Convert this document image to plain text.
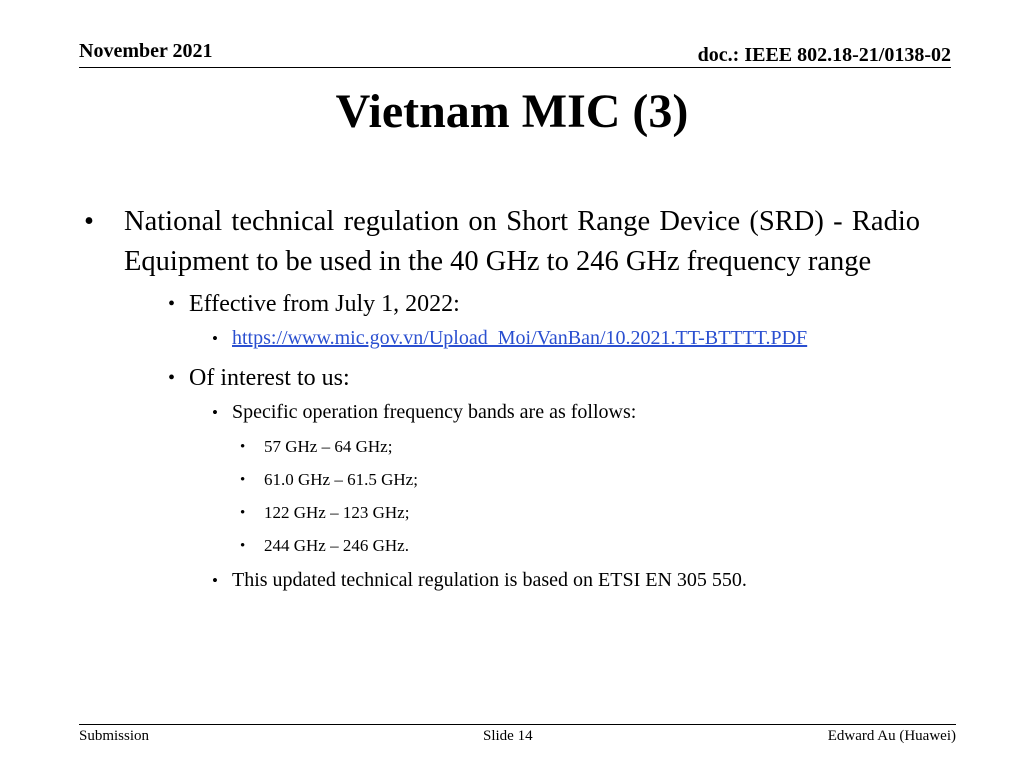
November 2021	doc.: IEEE 802.18-21/0138-02
Vietnam MIC (3)
• National technical regulation on Short Range Device (SRD) - Radio Equipment to be used in the 40 GHz to 246 GHz frequency range
• Effective from July 1, 2022:
• https://www.mic.gov.vn/Upload_Moi/VanBan/10.2021.TT-BTTTT.PDF
• Of interest to us:
• Specific operation frequency bands are as follows:
• 57 GHz – 64 GHz;
• 61.0 GHz – 61.5 GHz;
• 122 GHz – 123 GHz;
• 244 GHz – 246 GHz.
• This updated technical regulation is based on ETSI EN 305 550.
Submission	Slide 14	Edward Au (Huawei)
